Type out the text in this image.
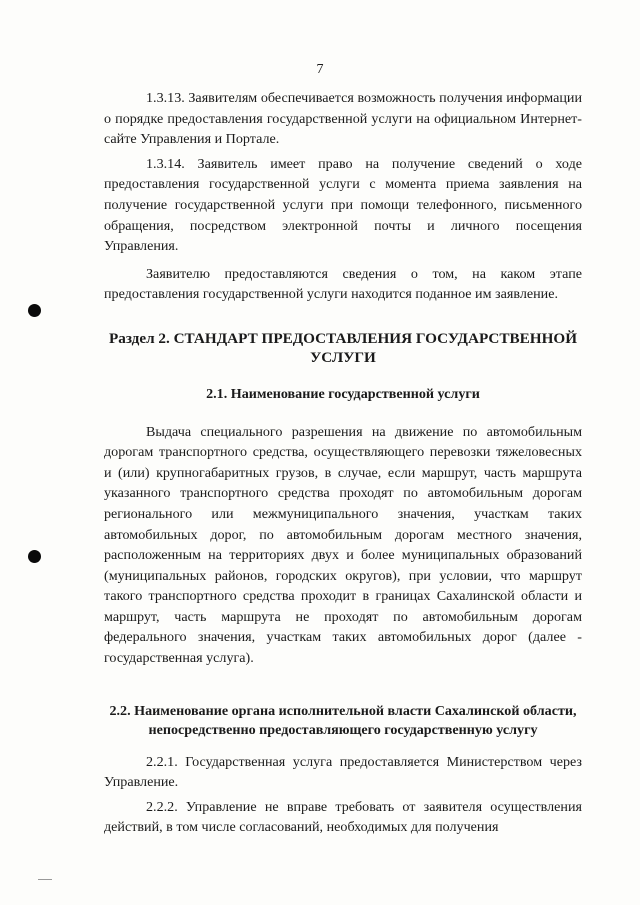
7

1.3.13. Заявителям обеспечивается возможность получения информации о порядке предоставления государственной услуги на официальном Интернет-сайте Управления и Портале.

1.3.14. Заявитель имеет право на получение сведений о ходе предоставления государственной услуги с момента приема заявления на получение государственной услуги при помощи телефонного, письменного обращения, посредством электронной почты и личного посещения Управления.

Заявителю предоставляются сведения о том, на каком этапе предоставления государственной услуги находится поданное им заявление.

Раздел 2. СТАНДАРТ ПРЕДОСТАВЛЕНИЯ ГОСУДАРСТВЕННОЙ УСЛУГИ
2.1. Наименование государственной услуги

Выдача специального разрешения на движение по автомобильным дорогам транспортного средства, осуществляющего перевозки тяжеловесных и (или) крупногабаритных грузов, в случае, если маршрут, часть маршрута указанного транспортного средства проходят по автомобильным дорогам регионального или межмуниципального значения, участкам таких автомобильных дорог, по автомобильным дорогам местного значения, расположенным на территориях двух и более муниципальных образований (муниципальных районов, городских округов), при условии, что маршрут такого транспортного средства проходит в границах Сахалинской области и маршрут, часть маршрута не проходят по автомобильным дорогам федерального значения, участкам таких автомобильных дорог (далее - государственная услуга).

2.2. Наименование органа исполнительной власти Сахалинской области, непосредственно предоставляющего государственную услугу

2.2.1. Государственная услуга предоставляется Министерством через Управление.

2.2.2. Управление не вправе требовать от заявителя осуществления действий, в том числе согласований, необходимых для получения
